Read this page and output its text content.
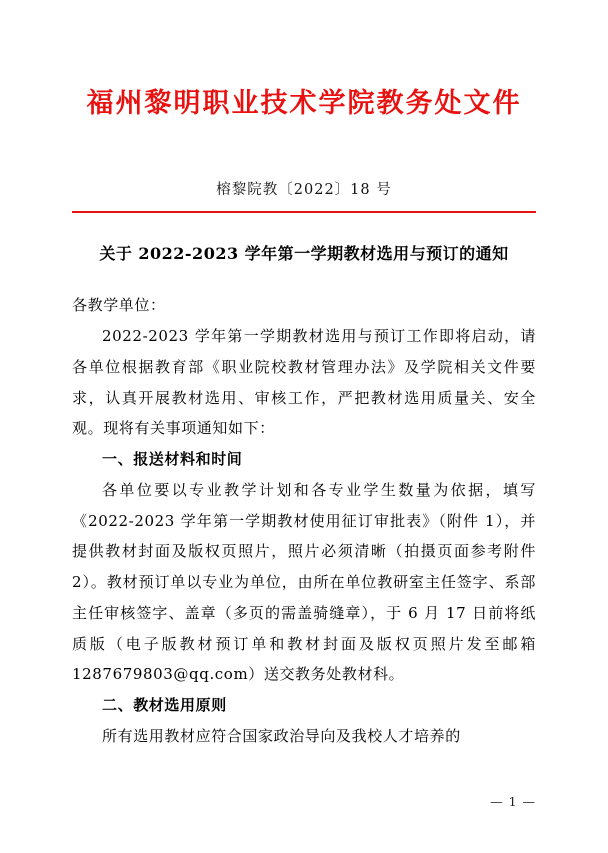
福州黎明职业技术学院教务处文件
榕黎院教〔2022〕18 号
关于 2022-2023 学年第一学期教材选用与预订的通知

各教学单位：

2022-2023 学年第一学期教材选用与预订工作即将启动，请各单位根据教育部《职业院校教材管理办法》及学院相关文件要求，认真开展教材选用、审核工作，严把教材选用质量关、安全观。现将有关事项通知如下：

一、报送材料和时间

各单位要以专业教学计划和各专业学生数量为依据，填写《2022-2023 学年第一学期教材使用征订审批表》（附件 1），并提供教材封面及版权页照片，照片必须清晰（拍摄页面参考附件 2）。教材预订单以专业为单位，由所在单位教研室主任签字、系部主任审核签字、盖章（多页的需盖骑缝章），于 6 月 17 日前将纸质版（电子版教材预订单和教材封面及版权页照片发至邮箱 1287679803@qq.com）送交教务处教材科。

二、教材选用原则

所有选用教材应符合国家政治导向及我校人才培养的

— 1 —
